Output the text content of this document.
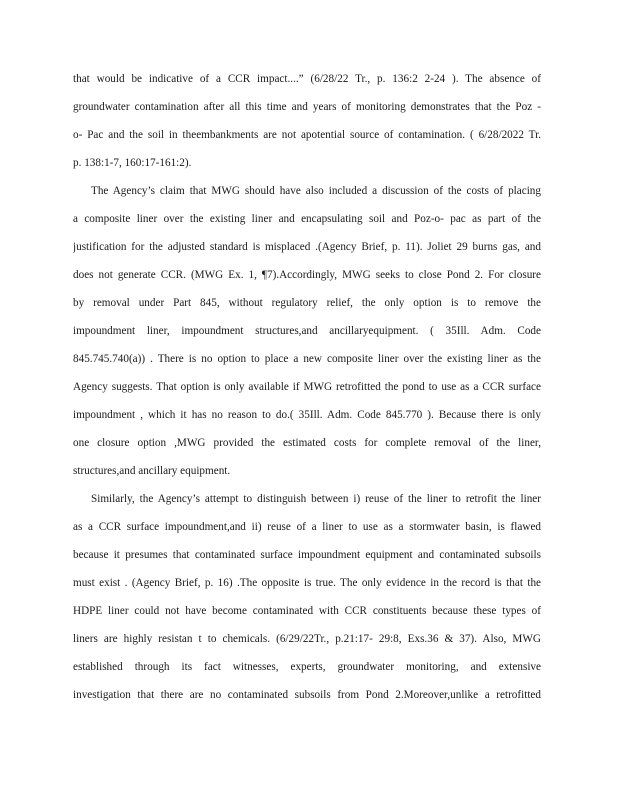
that would be indicative of a CCR impact....” (6/28/22 Tr., p. 136:2 2-24 ). The absence of
groundwater contamination after all this time and years of monitoring demonstrates that the Poz -
o- Pac and the soil in theembankments are not apotential source of contamination. ( 6/28/2022 Tr.
p. 138:1-7, 160:17-161:2).
The Agency’s claim that MWG should have also included a discussion of the costs of placing
a composite liner over the existing liner and encapsulating soil and Poz-o- pac as part of the
justification for the adjusted standard is misplaced .(Agency Brief, p. 11). Joliet 29 burns gas, and
does not generate CCR. (MWG Ex. 1, ¶7).Accordingly, MWG seeks to close Pond 2. For closure
by removal under Part 845, without regulatory relief, the only option is to remove the
impoundment liner, impoundment structures,and ancillaryequipment. ( 35Ill. Adm. Code
845.745.740(a)) . There is no option to place a new composite liner over the existing liner as the
Agency suggests. That option is only available if MWG retrofitted the pond to use as a CCR surface
impoundment , which it has no reason to do.( 35Ill. Adm. Code 845.770 ). Because there is only
one closure option ,MWG provided the estimated costs for complete removal of the liner,
structures,and ancillary equipment.
Similarly, the Agency’s attempt to distinguish between i) reuse of the liner to retrofit the liner
as a CCR surface impoundment,and ii) reuse of a liner to use as a stormwater basin, is flawed
because it presumes that contaminated surface impoundment equipment and contaminated subsoils
must exist . (Agency Brief, p. 16) .The opposite is true. The only evidence in the record is that the
HDPE liner could not have become contaminated with CCR constituents because these types of
liners are highly resistan t to chemicals. (6/29/22Tr., p.21:17- 29:8, Exs.36 & 37). Also, MWG
established through its fact witnesses, experts, groundwater monitoring, and extensive
investigation that there are no contaminated subsoils from Pond 2.Moreover,unlike a retrofitted
